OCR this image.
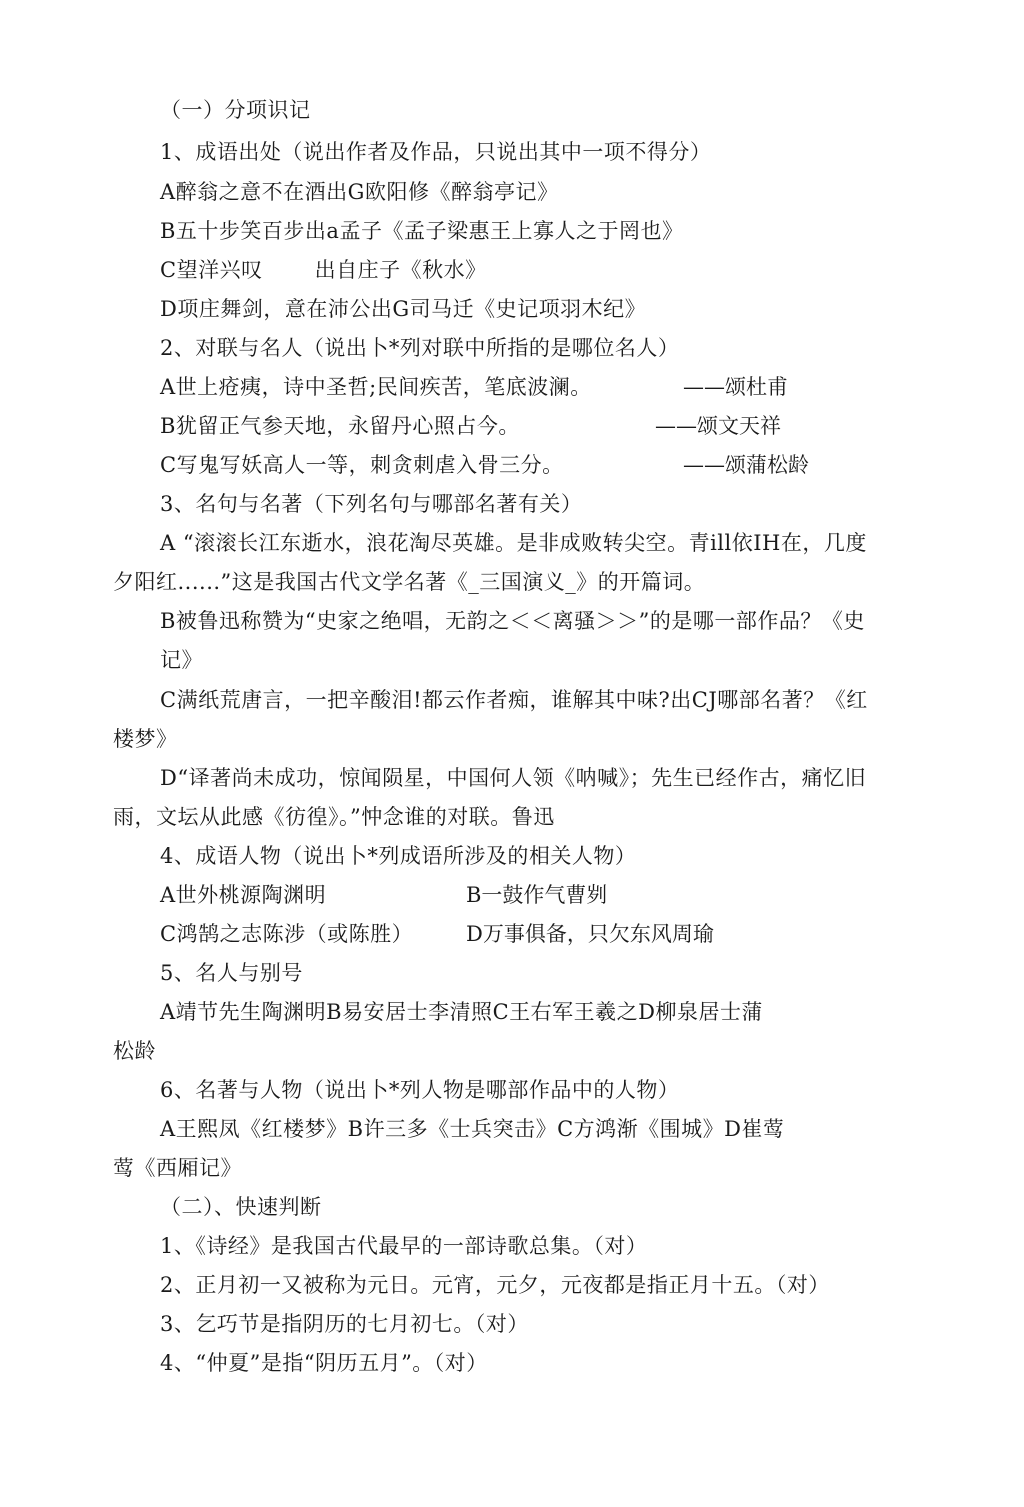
（一）分项识记
1、成语出处（说出作者及作品，只说出其中一项不得分）
A醉翁之意不在酒出G欧阳修《醉翁亭记》
B五十步笑百步出a孟子《孟子梁惠王上寡人之于罔也》
C望洋兴叹 出自庄子《秋水》
D项庄舞剑，意在沛公出G司马迁《史记项羽木纪》
2、对联与名人（说出卜*列对联中所指的是哪位名人）
A世上疮痍，诗中圣哲;民间疾苦，笔底波澜。	——颂杜甫
B犹留正气参天地，永留丹心照占今。	——颂文天祥
C写鬼写妖高人一等，刺贪刺虐入骨三分。	——颂蒲松龄
3、名句与名著（下列名句与哪部名著有关）
A “滚滚长江东逝水，浪花淘尽英雄。是非成败转尖空。青ill依IH在，几度
夕阳红......”这是我国古代文学名著《_三国演义_》的开篇词。
B被鲁迅称赞为“史家之绝唱，无韵之＜＜离骚＞＞”的是哪一部作品？《史
记》
C满纸荒唐言，一把辛酸泪!都云作者痴，谁解其中味?出CJ哪部名著？《红
楼梦》
D“译著尚未成功，惊闻陨星，中国何人领《呐喊》；先生已经作古，痛忆旧
雨，文坛从此感《彷徨》。”忡念谁的对联。鲁迅
4、成语人物（说出卜*列成语所涉及的相关人物）
A世外桃源陶渊明	B一鼓作气曹刿
C鸿鹄之志陈涉（或陈胜）	D万事俱备，只欠东风周瑜
5、名人与别号
A靖节先生陶渊明B易安居士李清照C王右军王羲之D柳泉居士蒲
松龄
6、名著与人物（说出卜*列人物是哪部作品中的人物）
A王熙凤《红楼梦》B许三多《士兵突击》C方鸿渐《围城》D崔莺
莺《西厢记》
（二）、快速判断
1、《诗经》是我国古代最早的一部诗歌总集。（对）
2、正月初一又被称为元日。元宵，元夕，元夜都是指正月十五。（对）
3、乞巧节是指阴历的七月初七。（对）
4、“仲夏”是指“阴历五月”。（对）
